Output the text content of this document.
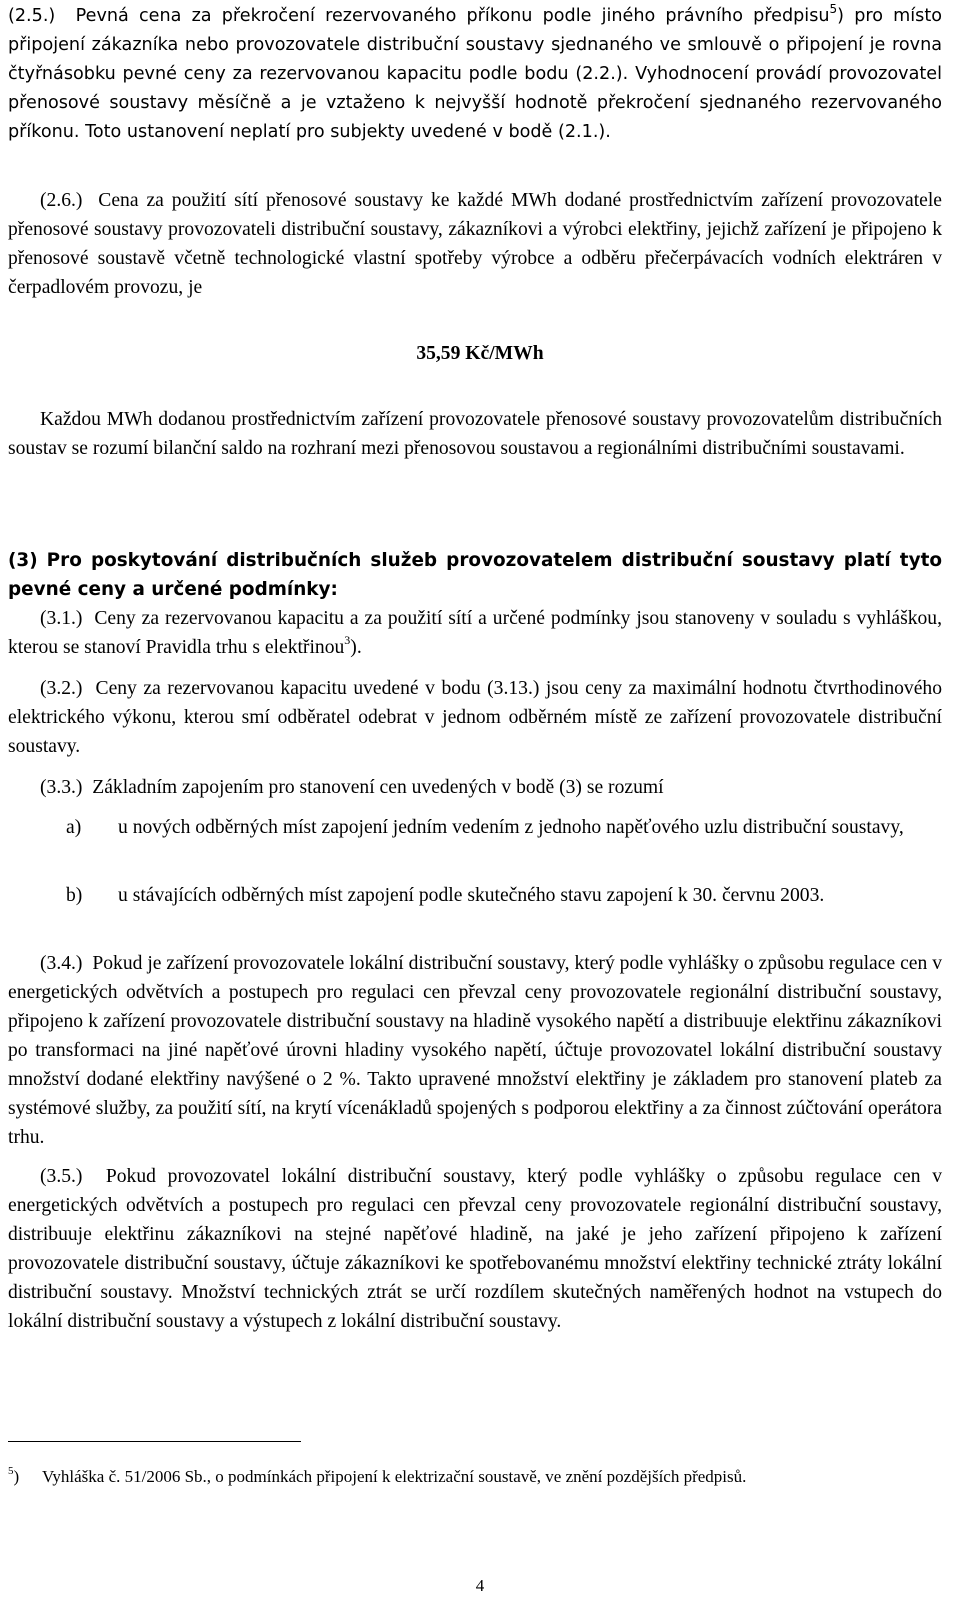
(2.5.) Pevná cena za překročení rezervovaného příkonu podle jiného právního předpisu$^5$) pro místo připojení zákazníka nebo provozovatele distribuční soustavy sjednaného ve smlouvě o připojení je rovna čtyřnásobku pevné ceny za rezervovanou kapacitu podle bodu (2.2.). Vyhodnocení provádí provozovatel přenosové soustavy měsíčně a je vztaženo k nejvyšší hodnotě překročení sjednaného rezervovaného příkonu. Toto ustanovení neplatí pro subjekty uvedené v bodě (2.1.).
(2.6.) Cena za použití sítí přenosové soustavy ke každé MWh dodané prostřednictvím zařízení provozovatele přenosové soustavy provozovateli distribuční soustavy, zákazníkovi a výrobci elektřiny, jejichž zařízení je připojeno k přenosové soustavě včetně technologické vlastní spotřeby výrobce a odběru přečerpávacích vodních elektráren v čerpadlovém provozu, je
35,59 Kč/MWh
Každou MWh dodanou prostřednictvím zařízení provozovatele přenosové soustavy provozovatelům distribučních soustav se rozumí bilanční saldo na rozhraní mezi přenosovou soustavou a regionálními distribučními soustavami.
(3) Pro poskytování distribučních služeb provozovatelem distribuční soustavy platí tyto pevné ceny a určené podmínky:
(3.1.) Ceny za rezervovanou kapacitu a za použití sítí a určené podmínky jsou stanoveny v souladu s vyhláškou, kterou se stanoví Pravidla trhu s elektřinou$^3$).
(3.2.) Ceny za rezervovanou kapacitu uvedené v bodu (3.13.) jsou ceny za maximální hodnotu čtvrthodinového elektrického výkonu, kterou smí odběratel odebrat v jednom odběrném místě ze zařízení provozovatele distribuční soustavy.
(3.3.) Základním zapojením pro stanovení cen uvedených v bodě (3) se rozumí
a) u nových odběrných míst zapojení jedním vedením z jednoho napěťového uzlu distribuční soustavy,
b) u stávajících odběrných míst zapojení podle skutečného stavu zapojení k 30. červnu 2003.
(3.4.) Pokud je zařízení provozovatele lokální distribuční soustavy, který podle vyhlášky o způsobu regulace cen v energetických odvětvích a postupech pro regulaci cen převzal ceny provozovatele regionální distribuční soustavy, připojeno k zařízení provozovatele distribuční soustavy na hladině vysokého napětí a distribuuje elektřinu zákazníkovi po transformaci na jiné napěťové úrovni hladiny vysokého napětí, účtuje provozovatel lokální distribuční soustavy množství dodané elektřiny navýšené o 2 %. Takto upravené množství elektřiny je základem pro stanovení plateb za systémové služby, za použití sítí, na krytí vícenákladů spojených s podporou elektřiny a za činnost zúčtování operátora trhu.
(3.5.) Pokud provozovatel lokální distribuční soustavy, který podle vyhlášky o způsobu regulace cen v energetických odvětvích a postupech pro regulaci cen převzal ceny provozovatele regionální distribuční soustavy, distribuuje elektřinu zákazníkovi na stejné napěťové hladině, na jaké je jeho zařízení připojeno k zařízení provozovatele distribuční soustavy, účtuje zákazníkovi ke spotřebovanému množství elektřiny technické ztráty lokální distribuční soustavy. Množství technických ztrát se určí rozdílem skutečných naměřených hodnot na vstupech do lokální distribuční soustavy a výstupech z lokální distribuční soustavy.
$^5$) Vyhláška č. 51/2006 Sb., o podmínkách připojení k elektrizační soustavě, ve znění pozdějších předpisů.
4
